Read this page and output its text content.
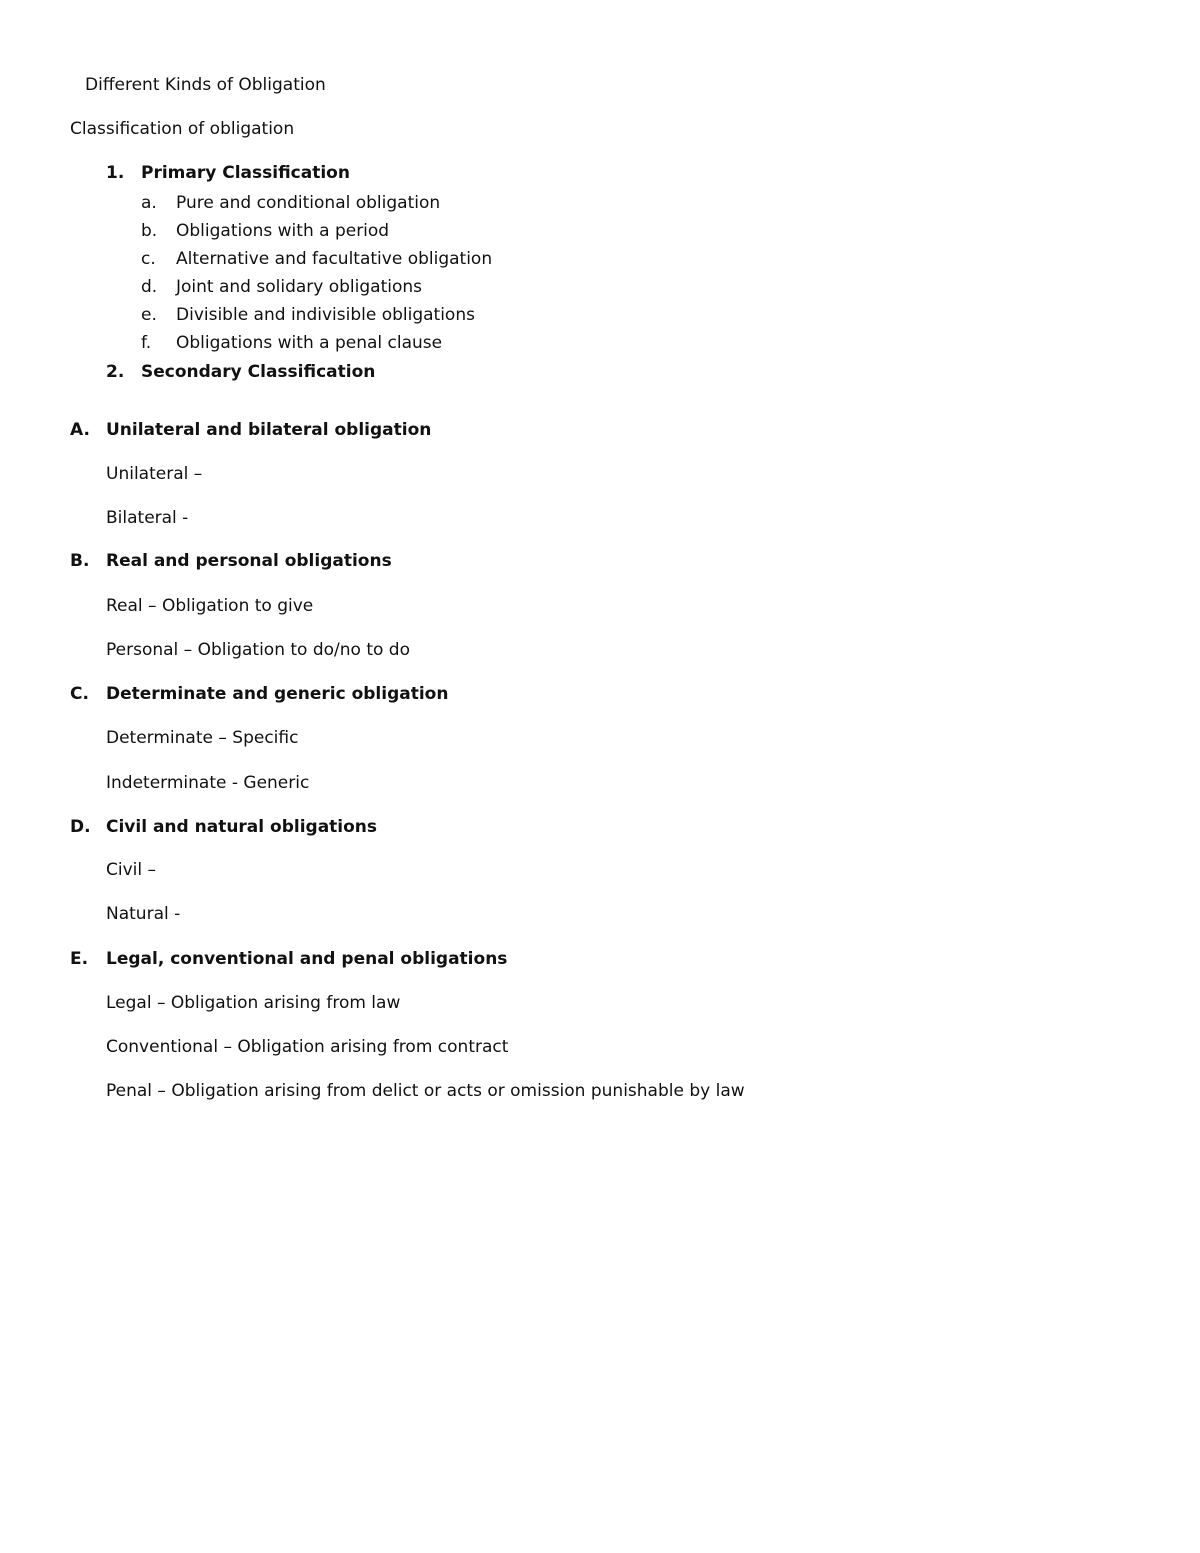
Different Kinds of Obligation
Classification of obligation
1. Primary Classification
a. Pure and conditional obligation
b. Obligations with a period
c. Alternative and facultative obligation
d. Joint and solidary obligations
e. Divisible and indivisible obligations
f. Obligations with a penal clause
2. Secondary Classification
A. Unilateral and bilateral obligation
Unilateral –
Bilateral -
B. Real and personal obligations
Real – Obligation to give
Personal – Obligation to do/no to do
C. Determinate and generic obligation
Determinate – Specific
Indeterminate - Generic
D. Civil and natural obligations
Civil –
Natural -
E. Legal, conventional and penal obligations
Legal – Obligation arising from law
Conventional – Obligation arising from contract
Penal – Obligation arising from delict or acts or omission punishable by law
